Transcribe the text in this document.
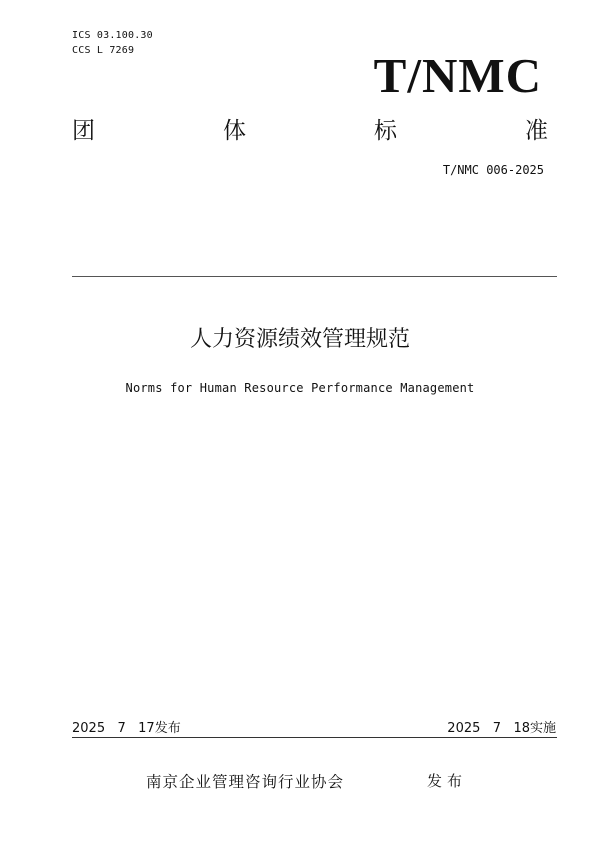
ICS 03.100.30
CCS L 7269	T/NMC
团	体	标	准
T/NMC 006-2025
人力资源绩效管理规范
Norms for Human Resource Performance Management
2025   7   17发布	2025   7   18实施
南京企业管理咨询行业协会	发布
